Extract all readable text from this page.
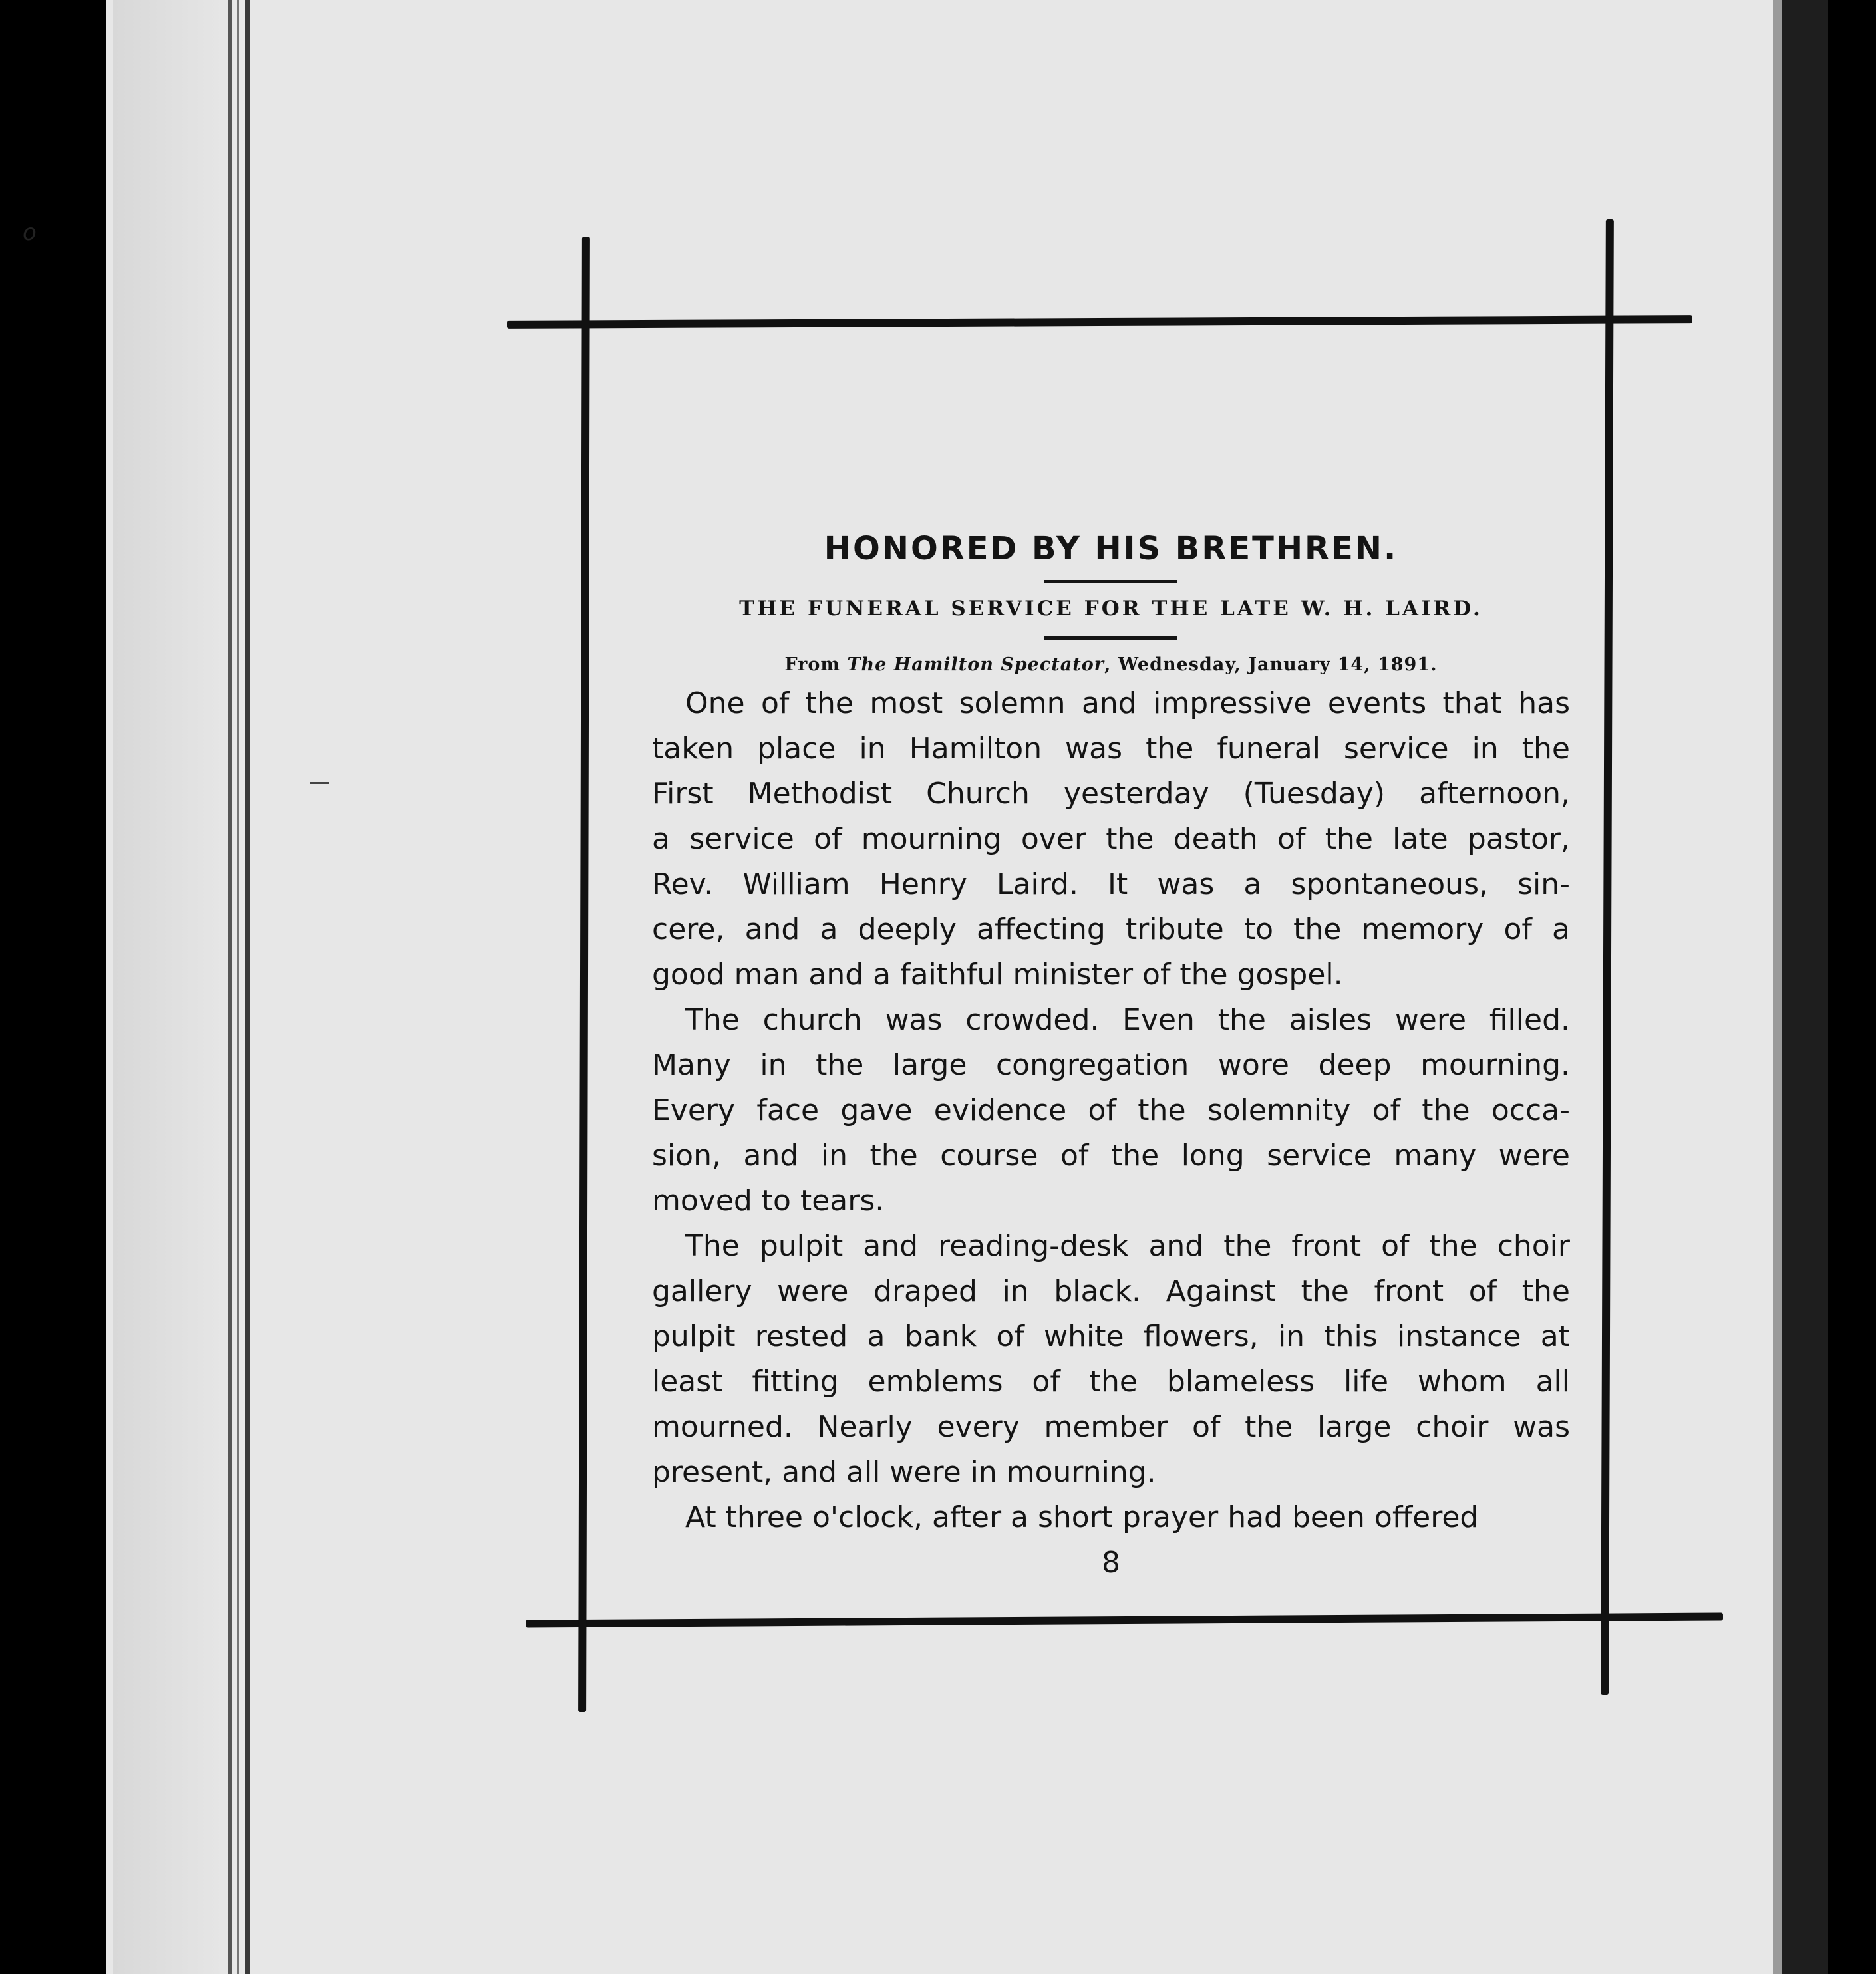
HONORED BY HIS BRETHREN.

THE FUNERAL SERVICE FOR THE LATE W. H. LAIRD.

From The Hamilton Spectator, Wednesday, January 14, 1891.

One of the most solemn and impressive events that has
taken place in Hamilton was the funeral service in the
First Methodist Church yesterday (Tuesday) afternoon,
a service of mourning over the death of the late pastor,
Rev. William Henry Laird. It was a spontaneous, sin-
cere, and a deeply affecting tribute to the memory of a
good man and a faithful minister of the gospel.
The church was crowded. Even the aisles were filled.
Many in the large congregation wore deep mourning.
Every face gave evidence of the solemnity of the occa-
sion, and in the course of the long service many were
moved to tears.
The pulpit and reading-desk and the front of the choir
gallery were draped in black. Against the front of the
pulpit rested a bank of white flowers, in this instance at
least fitting emblems of the blameless life whom all
mourned. Nearly every member of the large choir was
present, and all were in mourning.
At three o'clock, after a short prayer had been offered

8

o
